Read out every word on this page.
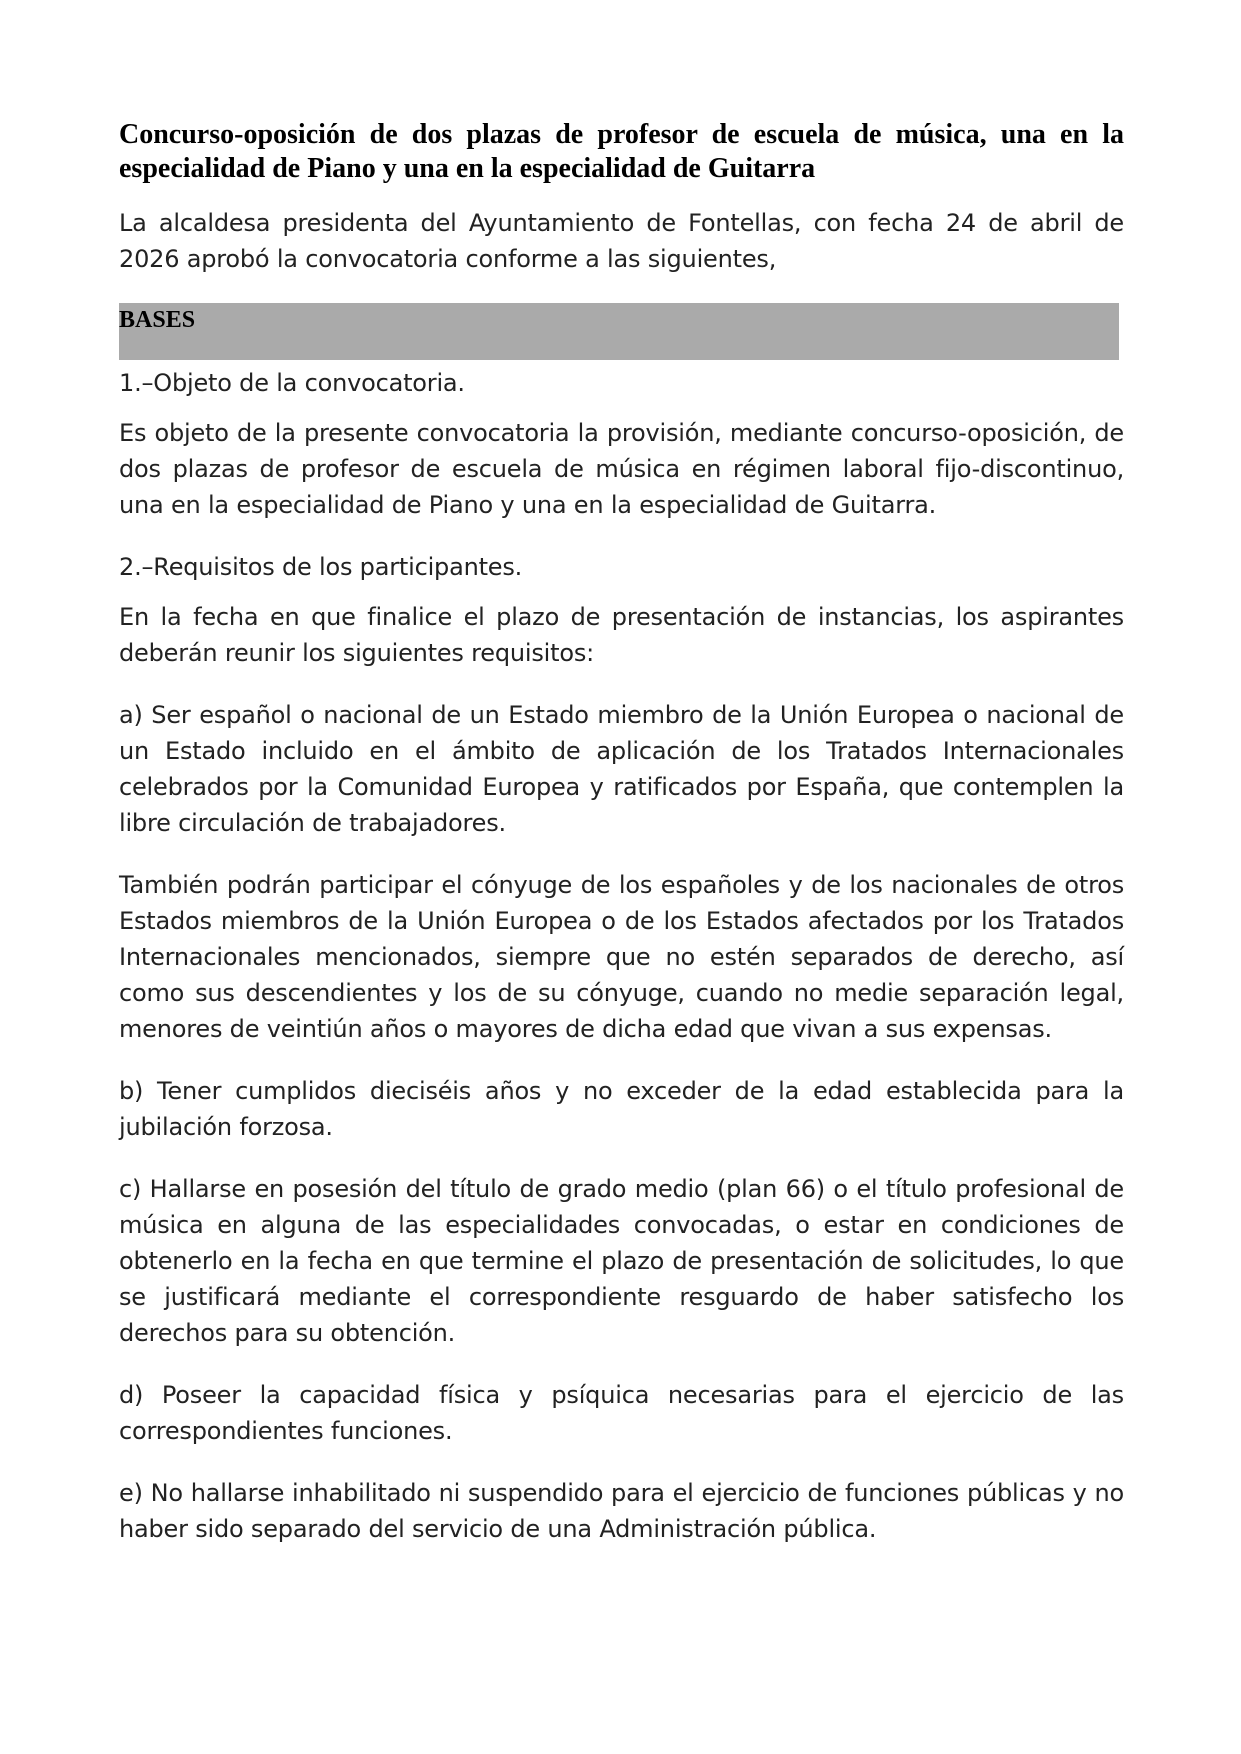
Concurso-oposición de dos plazas de profesor de escuela de música, una en la especialidad de Piano y una en la especialidad de Guitarra

La alcaldesa presidenta del Ayuntamiento de Fontellas, con fecha 24 de abril de 2026 aprobó la convocatoria conforme a las siguientes,

BASES

1.–Objeto de la convocatoria.

Es objeto de la presente convocatoria la provisión, mediante concurso-oposición, de dos plazas de profesor de escuela de música en régimen laboral fijo-discontinuo, una en la especialidad de Piano y una en la especialidad de Guitarra.

2.–Requisitos de los participantes.

En la fecha en que finalice el plazo de presentación de instancias, los aspirantes deberán reunir los siguientes requisitos:

a) Ser español o nacional de un Estado miembro de la Unión Europea o nacional de un Estado incluido en el ámbito de aplicación de los Tratados Internacionales celebrados por la Comunidad Europea y ratificados por España, que contemplen la libre circulación de trabajadores.

También podrán participar el cónyuge de los españoles y de los nacionales de otros Estados miembros de la Unión Europea o de los Estados afectados por los Tratados Internacionales mencionados, siempre que no estén separados de derecho, así como sus descendientes y los de su cónyuge, cuando no medie separación legal, menores de veintiún años o mayores de dicha edad que vivan a sus expensas.

b) Tener cumplidos dieciséis años y no exceder de la edad establecida para la jubilación forzosa.

c) Hallarse en posesión del título de grado medio (plan 66) o el título profesional de música en alguna de las especialidades convocadas, o estar en condiciones de obtenerlo en la fecha en que termine el plazo de presentación de solicitudes, lo que se justificará mediante el correspondiente resguardo de haber satisfecho los derechos para su obtención.

d) Poseer la capacidad física y psíquica necesarias para el ejercicio de las correspondientes funciones.

e) No hallarse inhabilitado ni suspendido para el ejercicio de funciones públicas y no haber sido separado del servicio de una Administración pública.
